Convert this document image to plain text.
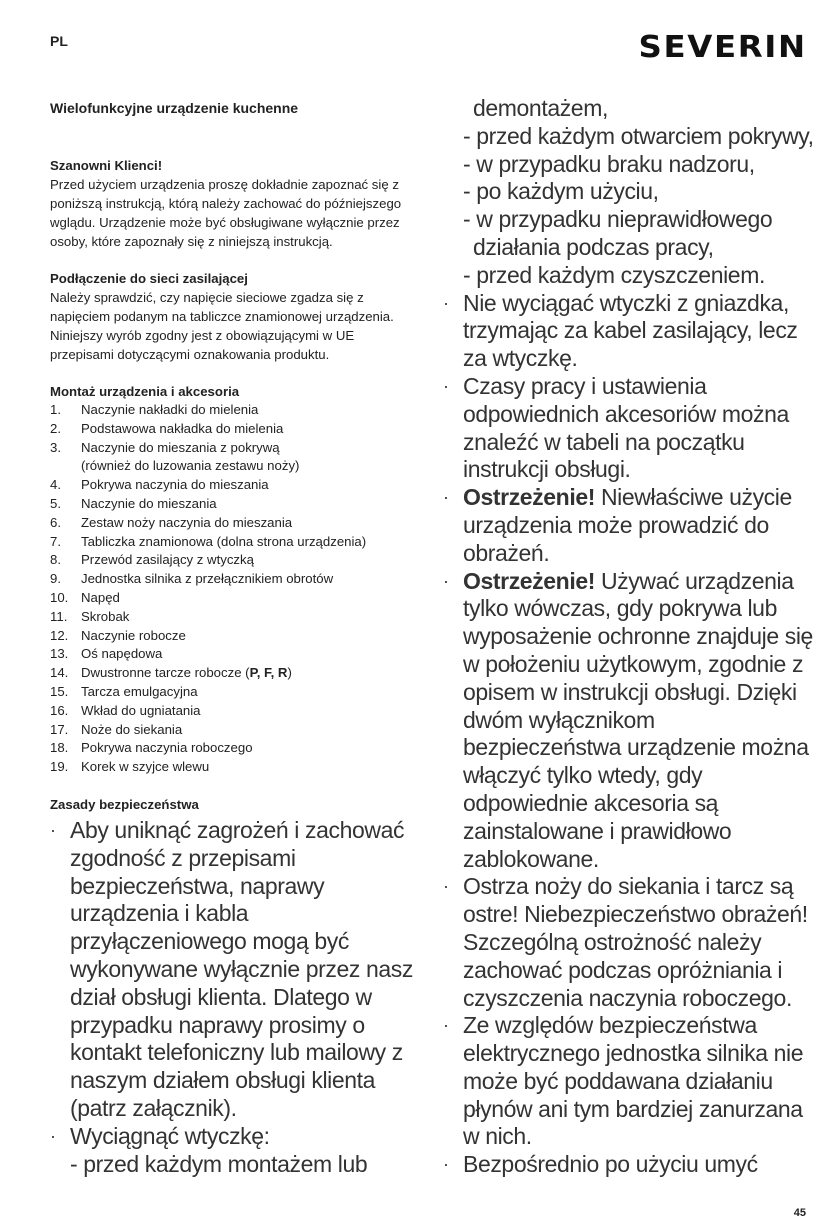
PL	SEVERIN
Wielofunkcyjne urządzenie kuchenne
Szanowni Klienci!
Przed użyciem urządzenia proszę dokładnie zapoznać się z poniższą instrukcją, którą należy zachować do późniejszego wglądu. Urządzenie może być obsługiwane wyłącznie przez osoby, które zapoznały się z niniejszą instrukcją.
Podłączenie do sieci zasilającej
Należy sprawdzić, czy napięcie sieciowe zgadza się z napięciem podanym na tabliczce znamionowej urządzenia. Niniejszy wyrób zgodny jest z obowiązującymi w UE przepisami dotyczącymi oznakowania produktu.
Montaż urządzenia i akcesoria
1.	Naczynie nakładki do mielenia
2.	Podstawowa nakładka do mielenia
3.	Naczynie do mieszania z pokrywą
(również do luzowania zestawu noży)
4.	Pokrywa naczynia do mieszania
5.	Naczynie do mieszania
6.	Zestaw noży naczynia do mieszania
7.	Tabliczka znamionowa (dolna strona urządzenia)
8.	Przewód zasilający z wtyczką
9.	Jednostka silnika z przełącznikiem obrotów
10. Napęd
11.	Skrobak
12. Naczynie robocze
13. Oś napędowa
14. Dwustronne tarcze robocze (P, F, R)
15. Tarcza emulgacyjna
16. Wkład do ugniatania
17. Noże do siekania
18. Pokrywa naczynia roboczego
19. Korek w szyjce wlewu
Zasady bezpieczeństwa
· Aby uniknąć zagrożeń i zachować zgodność z przepisami bezpieczeństwa, naprawy urządzenia i kabla przyłączeniowego mogą być wykonywane wyłącznie przez nasz dział obsługi klienta. Dlatego w przypadku naprawy prosimy o kontakt telefoniczny lub mailowy z naszym działem obsługi klienta (patrz załącznik).
· Wyciągnąć wtyczkę:
- przed każdym montażem lub
demontażem,
- przed każdym otwarciem pokrywy,
- w przypadku braku nadzoru,
- po każdym użyciu,
- w przypadku nieprawidłowego
działania podczas pracy,
- przed każdym czyszczeniem.
· Nie wyciągać wtyczki z gniazdka, trzymając za kabel zasilający, lecz za wtyczkę.
· Czasy pracy i ustawienia odpowiednich akcesoriów można znaleźć w tabeli na początku instrukcji obsługi.
· Ostrzeżenie! Niewłaściwe użycie urządzenia może prowadzić do obrażeń.
· Ostrzeżenie! Używać urządzenia tylko wówczas, gdy pokrywa lub wyposażenie ochronne znajduje się w położeniu użytkowym, zgodnie z opisem w instrukcji obsługi. Dzięki dwóm wyłącznikom bezpieczeństwa urządzenie można włączyć tylko wtedy, gdy odpowiednie akcesoria są zainstalowane i prawidłowo zablokowane.
· Ostrza noży do siekania i tarcz są ostre! Niebezpieczeństwo obrażeń! Szczególną ostrożność należy zachować podczas opróżniania i czyszczenia naczynia roboczego.
· Ze względów bezpieczeństwa elektrycznego jednostka silnika nie może być poddawana działaniu płynów ani tym bardziej zanurzana w nich.
· Bezpośrednio po użyciu umyć
45
